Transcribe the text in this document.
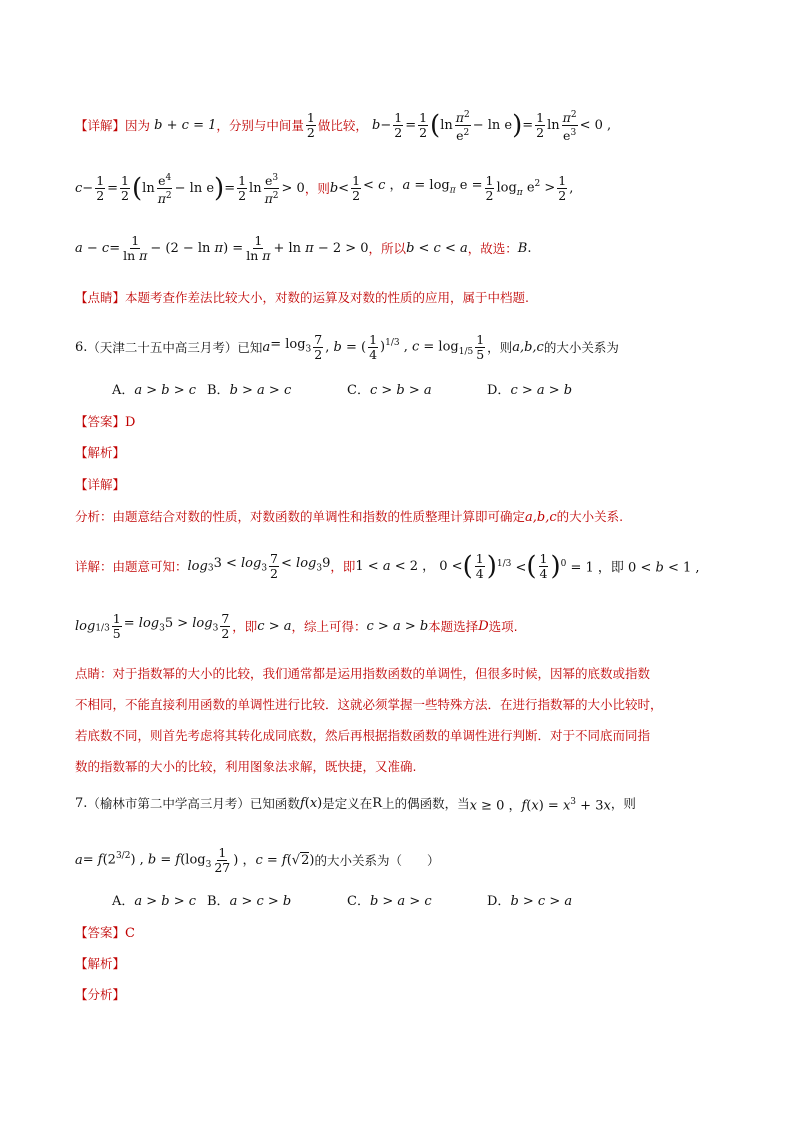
【详解】因为 b + c = 1，分别与中间量 $\frac{1}{2}$ 做比较， $b- \frac{1}{2} = \frac{1}{2} (\ln \frac{\pi^2}{e^2} - \ln e)= \frac{1}{2}$ $\ln \frac{\pi^2}{e^3} < 0$ ,
$c- \frac{1}{2} = \frac{1}{2} (\ln \frac{e^4}{\pi^2} - \ln e)= \frac{1}{2}$ $\ln \frac{e^3}{\pi^2} > 0$，则$b< \frac{1}{2} < c$ ，$a = \log_\pi e = \frac{1}{2} \log_\pi e^2 > \frac{1}{2}$ ,
$a - c= \frac{1}{\text{ln π}} - (2 - \ln \pi) = \frac{1}{\text{ln π}} + \ln \pi - 2 > 0$，所以b < c < a，故选：B.
【点睛】本题考查作差法比较大小，对数的运算及对数的性质的应用，属于中档题.
6.（天津二十五中高三月考）已知$a= \log_3 \frac{7}{2}$ , b = ( $\frac{1}{4} )^{1/3}$ , $c = \log_{1/5} \frac{1}{5}$ ，则a,b,c的大小关系为
A．a > b > c B．b > a > c	C．c > b > a	D．c > a > b
【答案】D
【解析】
【详解】
分析：由题意结合对数的性质，对数函数的单调性和指数的性质整理计算即可确定a,b,c的大小关系.
详解：由题意可知：$\log_33 < \log_3 \frac{7}{2} < \log_39$，即1 < a < 2 ， 0 <( $\frac{1}{4} )^{1/3}$ <( $\frac{1}{4} )^0 = 1$ ，即 0 < b < 1 ,
$\log_{1/3} \frac{1}{5} = \log_35 > \log_3 \frac{7}{2}$ ，即c > a，综上可得：c > a > b本题选择D选项.
点睛：对于指数幂的大小的比较，我们通常都是运用指数函数的单调性，但很多时候，因幂的底数或指数
不相同，不能直接利用函数的单调性进行比较．这就必须掌握一些特殊方法．在进行指数幂的大小比较时，
若底数不同，则首先考虑将其转化成同底数，然后再根据指数函数的单调性进行判断．对于不同底而同指
数的指数幂的大小的比较，利用图象法求解，既快捷，又准确.
7.（榆林市第二中学高三月考）已知函数f(x)是定义在R上的偶函数，当x ≥ 0 ，$f(x) = x^3 + 3x$，则
$a= f(2^{3/2})$ , $b = f(\log_3 \frac{1}{27}$ ) ，c = f(√2)的大小关系为（　　）
A．a > b > c B．a > c > b	C．b > a > c	D．b > c > a
【答案】C
【解析】
【分析】
